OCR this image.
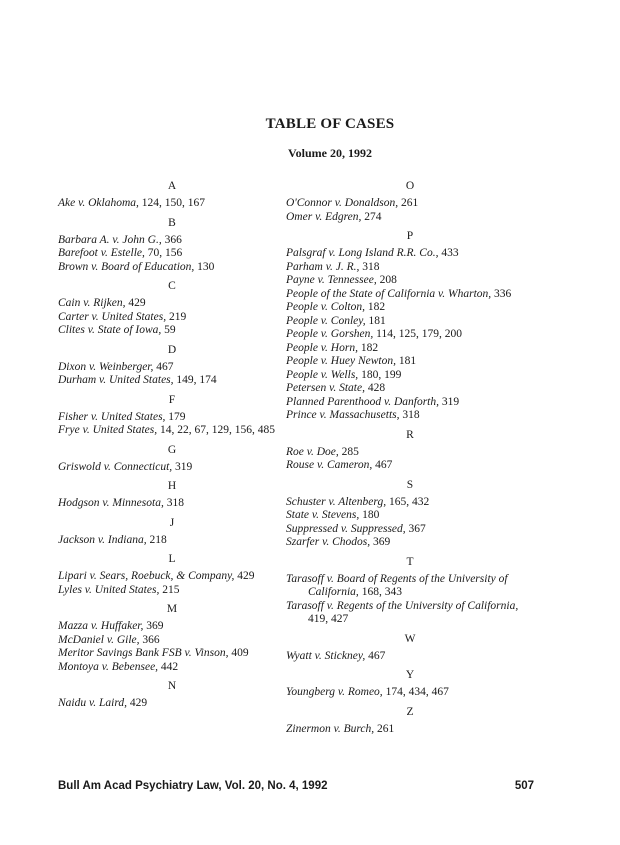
TABLE OF CASES
Volume 20, 1992
A
Ake v. Oklahoma, 124, 150, 167
B
Barbara A. v. John G., 366
Barefoot v. Estelle, 70, 156
Brown v. Board of Education, 130
C
Cain v. Rijken, 429
Carter v. United States, 219
Clites v. State of Iowa, 59
D
Dixon v. Weinberger, 467
Durham v. United States, 149, 174
F
Fisher v. United States, 179
Frye v. United States, 14, 22, 67, 129, 156, 485
G
Griswold v. Connecticut, 319
H
Hodgson v. Minnesota, 318
J
Jackson v. Indiana, 218
L
Lipari v. Sears, Roebuck, & Company, 429
Lyles v. United States, 215
M
Mazza v. Huffaker, 369
McDaniel v. Gile, 366
Meritor Savings Bank FSB v. Vinson, 409
Montoya v. Bebensee, 442
N
Naidu v. Laird, 429
O
O'Connor v. Donaldson, 261
Omer v. Edgren, 274
P
Palsgraf v. Long Island R.R. Co., 433
Parham v. J. R., 318
Payne v. Tennessee, 208
People of the State of California v. Wharton, 336
People v. Colton, 182
People v. Conley, 181
People v. Gorshen, 114, 125, 179, 200
People v. Horn, 182
People v. Huey Newton, 181
People v. Wells, 180, 199
Petersen v. State, 428
Planned Parenthood v. Danforth, 319
Prince v. Massachusetts, 318
R
Roe v. Doe, 285
Rouse v. Cameron, 467
S
Schuster v. Altenberg, 165, 432
State v. Stevens, 180
Suppressed v. Suppressed, 367
Szarfer v. Chodos, 369
T
Tarasoff v. Board of Regents of the University of
California, 168, 343
Tarasoff v. Regents of the University of California,
419, 427
W
Wyatt v. Stickney, 467
Y
Youngberg v. Romeo, 174, 434, 467
Z
Zinermon v. Burch, 261
Bull Am Acad Psychiatry Law, Vol. 20, No. 4, 1992	507
